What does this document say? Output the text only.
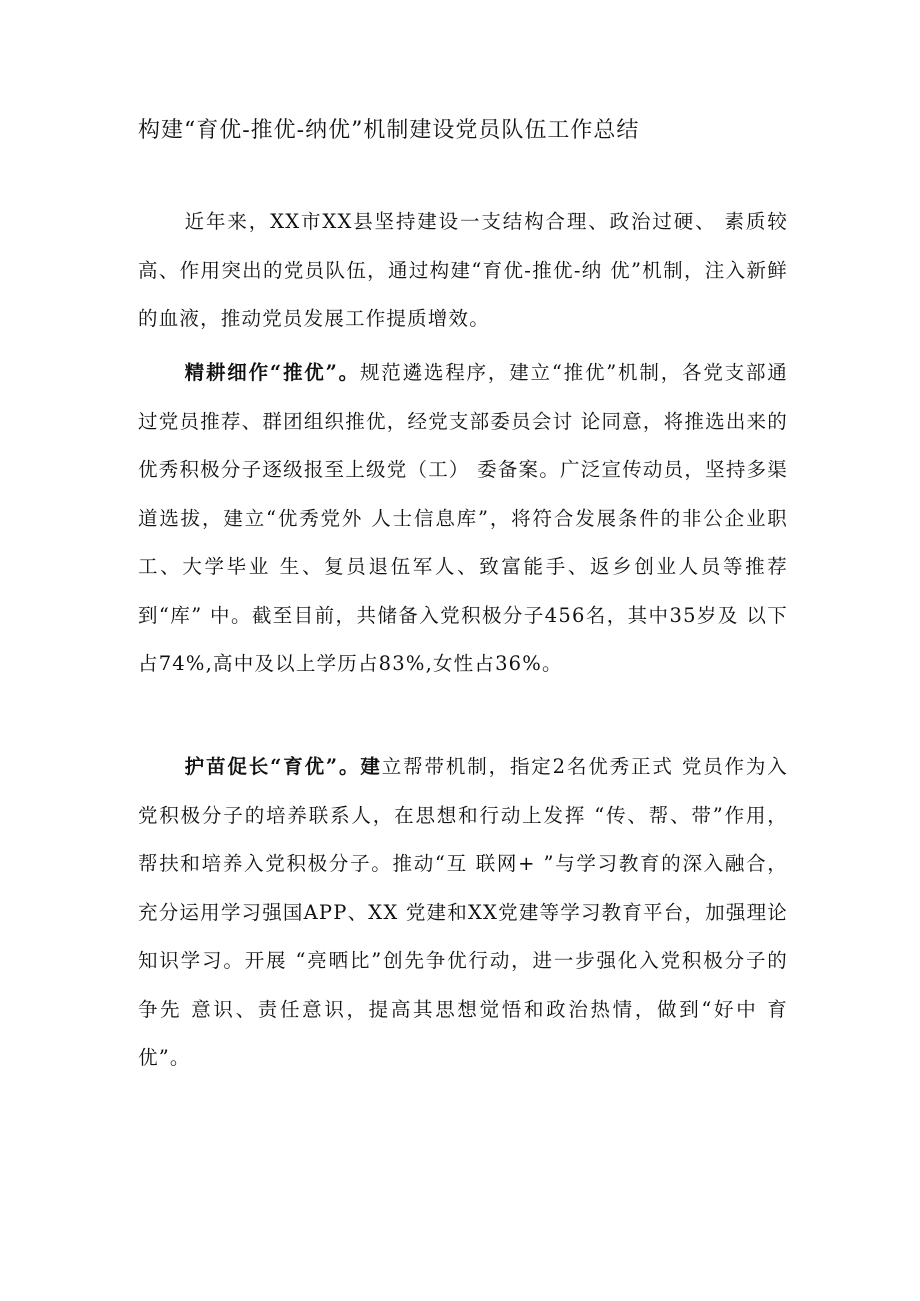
构建“育优-推优-纳优”机制建设党员队伍工作总结

近年来，XX市XX县坚持建设一支结构合理、政治过硬、 素质较高、作用突出的党员队伍，通过构建“育优-推优-纳 优”机制，注入新鲜的血液，推动党员发展工作提质增效。

精耕细作“推优”。规范遴选程序，建立“推优”机制，各党支部通过党员推荐、群团组织推优，经党支部委员会讨 论同意，将推选出来的优秀积极分子逐级报至上级党（工） 委备案。广泛宣传动员，坚持多渠道选拔，建立“优秀党外 人士信息库”，将符合发展条件的非公企业职工、大学毕业 生、复员退伍军人、致富能手、返乡创业人员等推荐到“库” 中。截至目前，共储备入党积极分子456名，其中35岁及 以下占74%,高中及以上学历占83%,女性占36%。

护苗促长“育优”。建立帮带机制，指定2名优秀正式 党员作为入党积极分子的培养联系人，在思想和行动上发挥 “传、帮、带”作用，帮扶和培养入党积极分子。推动“互 联网+ ”与学习教育的深入融合，充分运用学习强国APP、XX 党建和XX党建等学习教育平台，加强理论知识学习。开展 “亮晒比”创先争优行动，进一步强化入党积极分子的争先 意识、责任意识，提高其思想觉悟和政治热情，做到“好中 育优”。
